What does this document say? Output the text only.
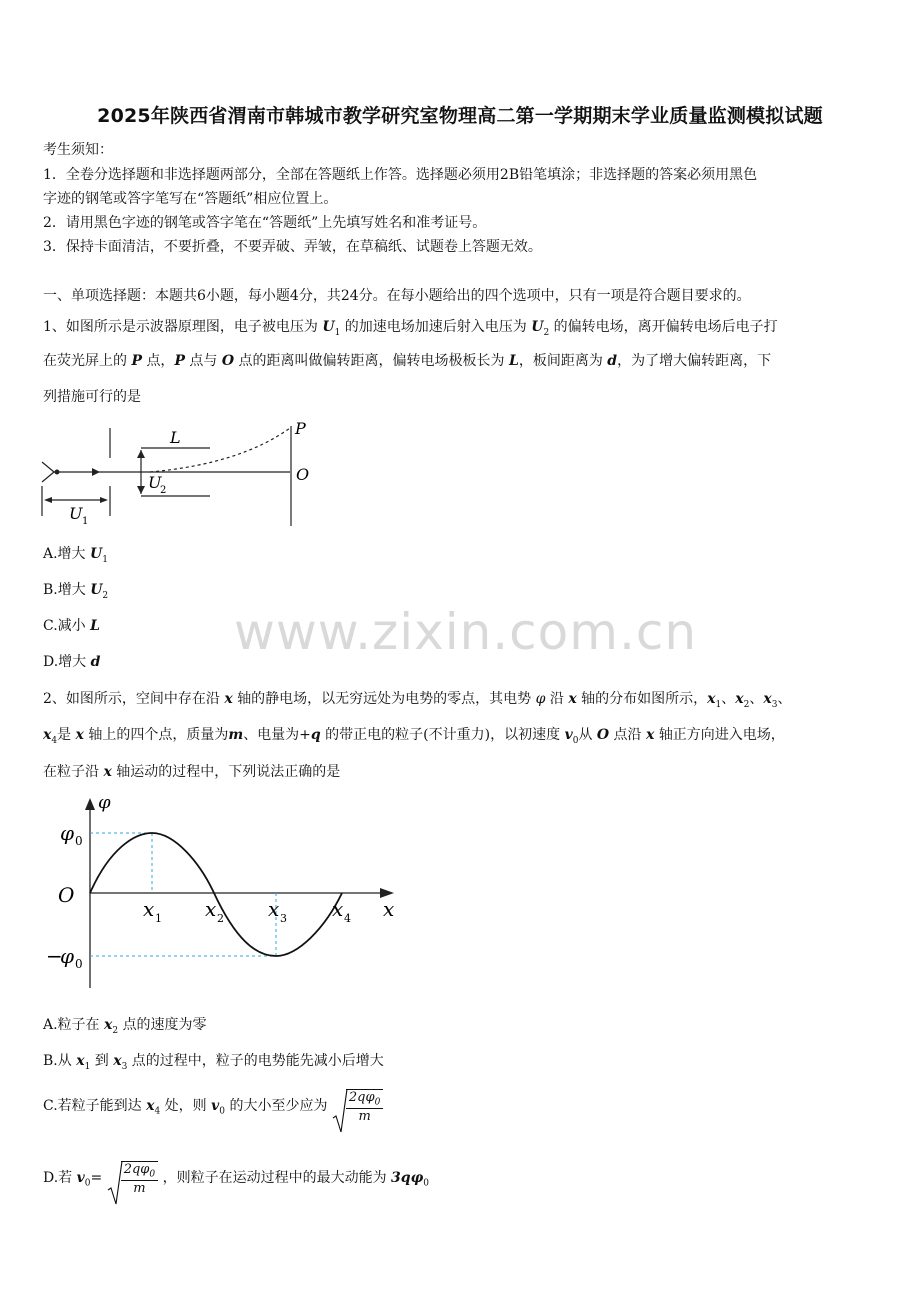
2025年陕西省渭南市韩城市教学研究室物理高二第一学期期末学业质量监测模拟试题
考生须知：
1．全卷分选择题和非选择题两部分，全部在答题纸上作答。选择题必须用2B铅笔填涂；非选择题的答案必须用黑色
字迹的钢笔或答字笔写在“答题纸”相应位置上。
2．请用黑色字迹的钢笔或答字笔在“答题纸”上先填写姓名和准考证号。
3．保持卡面清洁，不要折叠，不要弄破、弄皱，在草稿纸、试题卷上答题无效。
一、单项选择题：本题共6小题，每小题4分，共24分。在每小题给出的四个选项中，只有一项是符合题目要求的。
1、如图所示是示波器原理图，电子被电压为 $U_1$ 的加速电场加速后射入电压为 $U_2$ 的偏转电场，离开偏转电场后电子打
在荧光屏上的 P 点，P 点与 O 点的距离叫做偏转距离，偏转电场极板长为 L，板间距离为 d，为了增大偏转距离，下
列措施可行的是
L	P
O
U
2
U 1
A.增大 $U_1$
B.增大 $U_2$
C.减小 L
D.增大 d
www.zixin.com.cn
2、如图所示，空间中存在沿 x 轴的静电场，以无穷远处为电势的零点，其电势 φ 沿 x 轴的分布如图所示，$x_1$、$x_2$、$x_3$、
$x_4$是 x 轴上的四个点，质量为m、电量为+q 的带正电的粒子(不计重力)，以初速度 $v_0$从 O 点沿 x 轴正方向进入电场，
在粒子沿 x 轴运动的过程中，下列说法正确的是
φ
φ 0
O
−
φ 0
x
x 1 x 2 x 3 x 4
A.粒子在 $x_2$ 点的速度为零
B.从 $x_1$ 到 $x_3$ 点的过程中，粒子的电势能先减小后增大
C.若粒子能到达 $x_4$ 处，则 $v_0$ 的大小至少应为 $\frac{2q\varphi_0}{m}$
D.若 $v_0= \frac{2q\varphi_0}{m}$ ，则粒子在运动过程中的最大动能为 $3q\varphi_0$
